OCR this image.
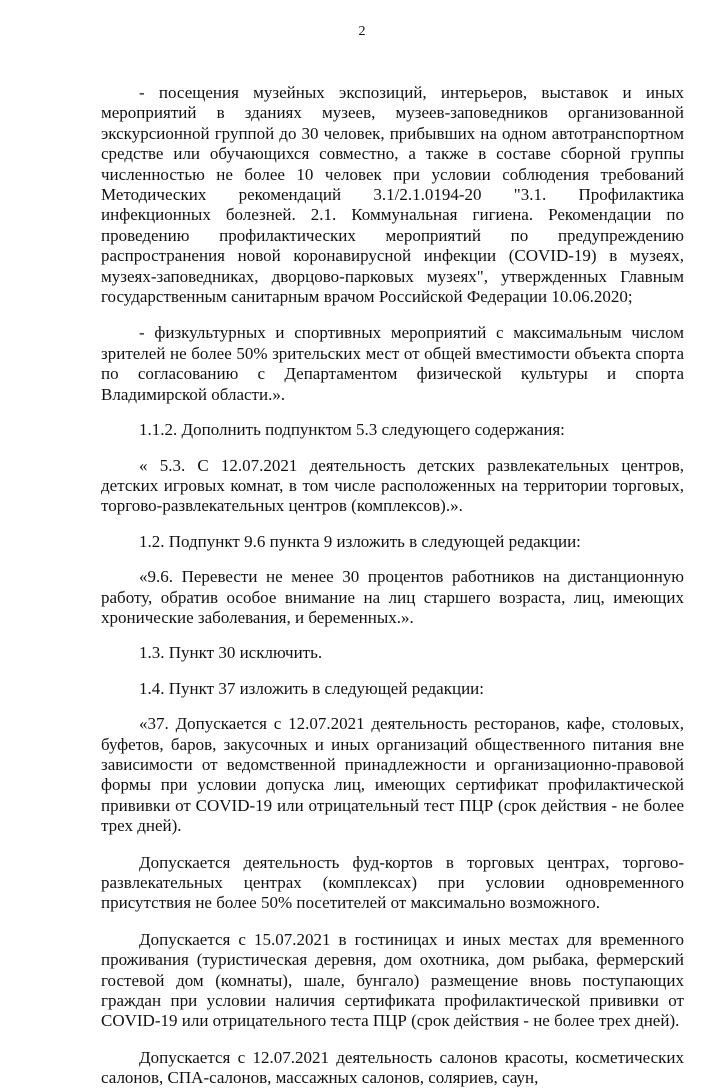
2

- посещения музейных экспозиций, интерьеров, выставок и иных мероприятий в зданиях музеев, музеев-заповедников организованной экскурсионной группой до 30 человек, прибывших на одном автотранспортном средстве или обучающихся совместно, а также в составе сборной группы численностью не более 10 человек при условии соблюдения требований Методических рекомендаций 3.1/2.1.0194-20 "3.1. Профилактика инфекционных болезней. 2.1. Коммунальная гигиена. Рекомендации по проведению профилактических мероприятий по предупреждению распространения новой коронавирусной инфекции (COVID-19) в музеях, музеях-заповедниках, дворцово-парковых музеях", утвержденных Главным государственным санитарным врачом Российской Федерации 10.06.2020;

- физкультурных и спортивных мероприятий с максимальным числом зрителей не более 50% зрительских мест от общей вместимости объекта спорта по согласованию с Департаментом физической культуры и спорта Владимирской области.».

1.1.2. Дополнить подпунктом 5.3 следующего содержания:

« 5.3. С 12.07.2021 деятельность детских развлекательных центров, детских игровых комнат, в том числе расположенных на территории торговых, торгово-развлекательных центров (комплексов).».

1.2. Подпункт 9.6 пункта 9 изложить в следующей редакции:

«9.6. Перевести не менее 30 процентов работников на дистанционную работу, обратив особое внимание на лиц старшего возраста, лиц, имеющих хронические заболевания, и беременных.».

1.3. Пункт 30 исключить.

1.4. Пункт 37 изложить в следующей редакции:

«37. Допускается с 12.07.2021 деятельность ресторанов, кафе, столовых, буфетов, баров, закусочных и иных организаций общественного питания вне зависимости от ведомственной принадлежности и организационно-правовой формы при условии допуска лиц, имеющих сертификат профилактической прививки от COVID-19 или отрицательный тест ПЦР (срок действия - не более трех дней).

Допускается деятельность фуд-кортов в торговых центрах, торгово-развлекательных центрах (комплексах) при условии одновременного присутствия не более 50% посетителей от максимально возможного.

Допускается с 15.07.2021 в гостиницах и иных местах для временного проживания (туристическая деревня, дом охотника, дом рыбака, фермерский гостевой дом (комнаты), шале, бунгало) размещение вновь поступающих граждан при условии наличия сертификата профилактической прививки от COVID-19 или отрицательного теста ПЦР (срок действия - не более трех дней).

Допускается с 12.07.2021 деятельность салонов красоты, косметических салонов, СПА-салонов, массажных салонов, соляриев, саун,
